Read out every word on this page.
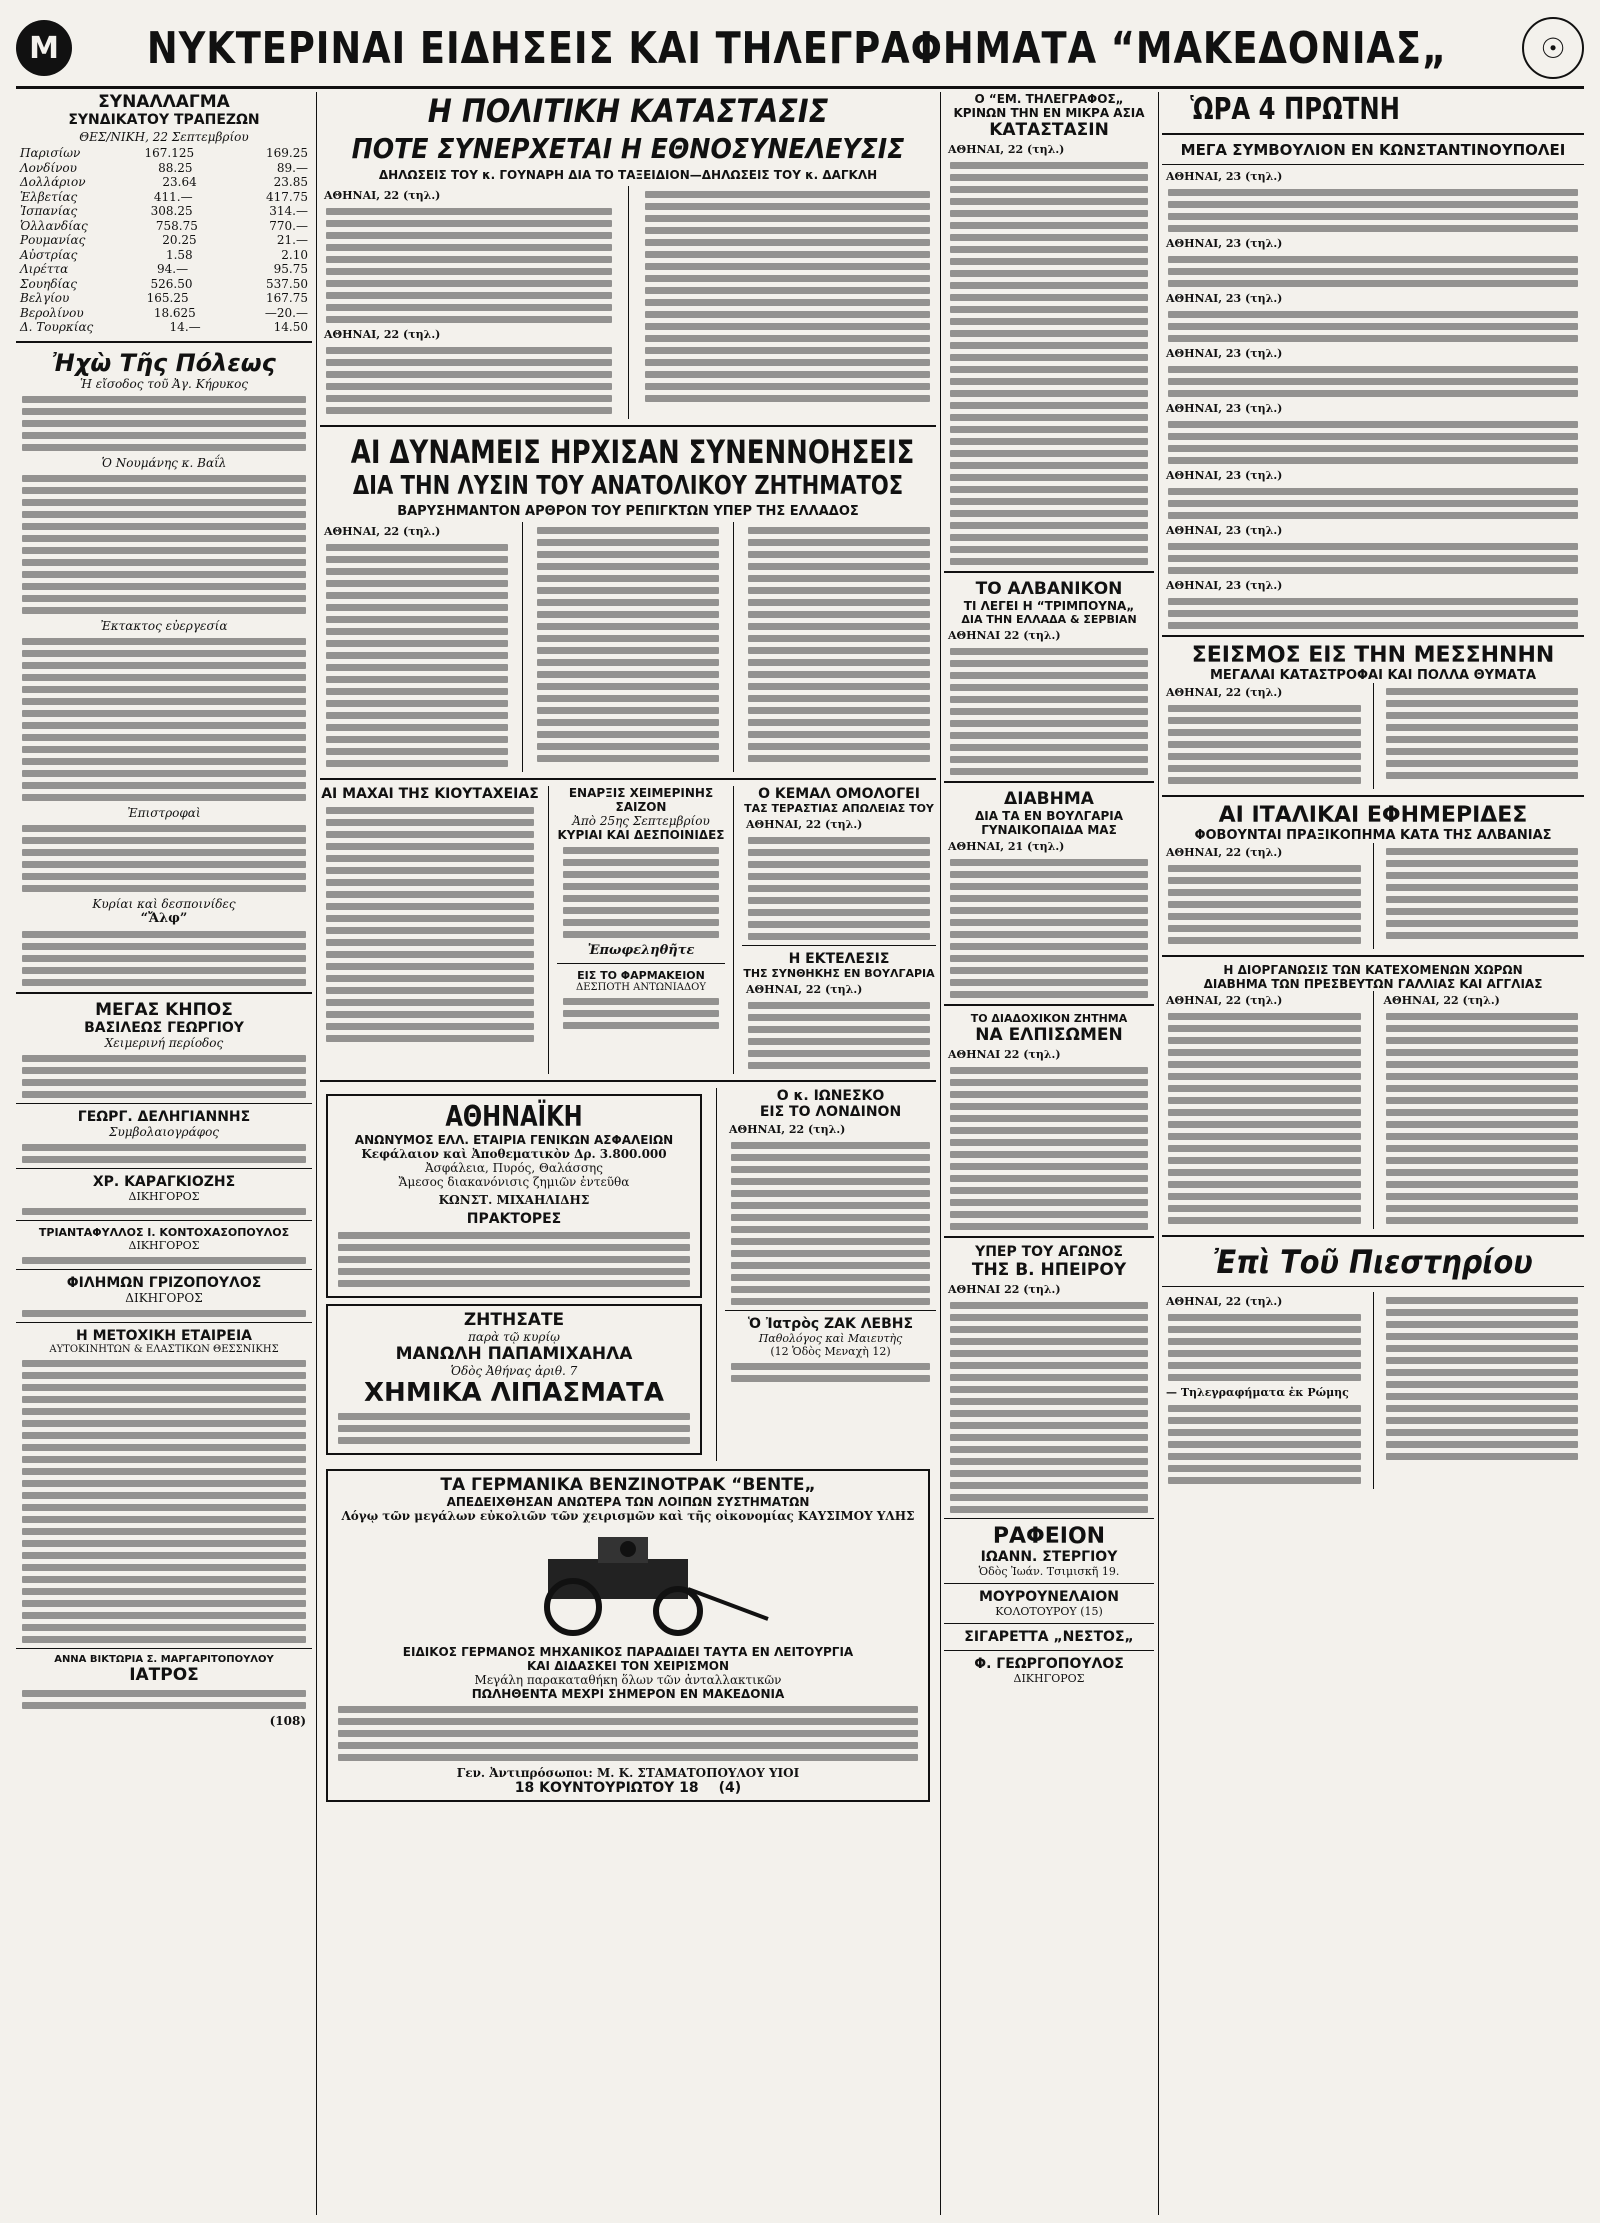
Μ ΝΥΚΤΕΡΙΝΑΙ ΕΙΔΗΣΕΙΣ ΚΑΙ ΤΗΛΕΓΡΑΦΗΜΑΤΑ “ΜΑΚΕΔΟΝΙΑΣ„	☉
ΣΥΝΑΛΛΑΓΜΑ
ΣΥΝΔΙΚΑΤΟΥ ΤΡΑΠΕΖΩΝ
ΘΕΣ/ΝΙΚΗ, 22 Σεπτεμβρίου
Παρισίων	167.125	169.25
Λονδίνου	88.25	89.—
Δολλάριον	23.64	23.85
Ἑλβετίας	411.—	417.75
Ἰσπανίας	308.25	314.—
Ὁλλανδίας	758.75	770.—
Ρουμανίας	20.25	21.—
Αὐστρίας	1.58	2.10
Λιρέττα	94.—	95.75
Σουηδίας	526.50	537.50
Βελγίου	165.25	167.75
Βερολίνου	18.625	—20.—
Δ. Τουρκίας	14.—	14.50
Ἠχὼ Τῆς Πόλεως
Ἡ εἴσοδος τοῦ Ἀγ. Κήρυκος
Ὁ Νουμάνης κ. Βαΐλ
Ἐκτακτος εὐεργεσία
Ἐπιστροφαὶ
Κυρίαι καὶ δεσποινίδες
“Ἄλφ”
ΜΕΓΑΣ ΚΗΠΟΣ
ΒΑΣΙΛΕΩΣ ΓΕΩΡΓΙΟΥ
Χειμερινή περίοδος
ΓΕΩΡΓ. ΔΕΛΗΓΙΑΝΝΗΣ
Συμβολαιογράφος
ΧΡ. ΚΑΡΑΓΚΙΟΖΗΣ
ΔΙΚΗΓΟΡΟΣ
ΤΡΙΑΝΤΑΦΥΛΛΟΣ Ι. ΚΟΝΤΟΧΑΣΟΠΟΥΛΟΣ
ΔΙΚΗΓΟΡΟΣ
ΦΙΛΗΜΩΝ ΓΡΙΖΟΠΟΥΛΟΣ
ΔΙΚΗΓΟΡΟΣ
Η ΜΕΤΟΧΙΚΗ ΕΤΑΙΡΕΙΑ
ΑΥΤΟΚΙΝΗΤΩΝ & ΕΛΑΣΤΙΚΩΝ ΘΕΣΣΝΙΚΗΣ
ΑΝΝΑ ΒΙΚΤΩΡΙΑ Σ. ΜΑΡΓΑΡΙΤΟΠΟΥΛΟΥ
ΙΑΤΡΟΣ
(108)
Η ΠΟΛΙΤΙΚΗ ΚΑΤΑΣΤΑΣΙΣ
ΠΟΤΕ ΣΥΝΕΡΧΕΤΑΙ Η ΕΘΝΟΣΥΝΕΛΕΥΣΙΣ
ΔΗΛΩΣΕΙΣ ΤΟΥ κ. ΓΟΥΝΑΡΗ ΔΙΑ ΤΟ ΤΑΞΕΙΔΙΟΝ—ΔΗΛΩΣΕΙΣ ΤΟΥ κ. ΔΑΓΚΛΗ
ΑΘΗΝΑΙ, 22 (τηλ.)
ΑΘΗΝΑΙ, 22 (τηλ.)
ΑΙ ΔΥΝΑΜΕΙΣ ΗΡΧΙΣΑΝ ΣΥΝΕΝΝΟΗΣΕΙΣ
ΔΙΑ ΤΗΝ ΛΥΣΙΝ ΤΟΥ ΑΝΑΤΟΛΙΚΟΥ ΖΗΤΗΜΑΤΟΣ
ΒΑΡΥΣΗΜΑΝΤΟΝ ΑΡΘΡΟΝ ΤΟΥ ΡΕΠΙΓΚΤΩΝ ΥΠΕΡ ΤΗΣ ΕΛΛΑΔΟΣ
ΑΘΗΝΑΙ, 22 (τηλ.)
ΑΙ ΜΑΧΑΙ ΤΗΣ ΚΙΟΥΤΑΧΕΙΑΣ	ΕΝΑΡΞΙΣ ΧΕΙΜΕΡΙΝΗΣ ΣΑΙΖΟΝ
Ἀπὸ 25ης Σεπτεμβρίου
ΚΥΡΙΑΙ ΚΑΙ ΔΕΣΠΟΙΝΙΔΕΣ
Ἐπωφεληθῆτε
ΕΙΣ ΤΟ ΦΑΡΜΑΚΕΙΟΝ
ΔΕΣΠΟΤΗ ΑΝΤΩΝΙΑΔΟΥ
Ο ΚΕΜΑΛ ΟΜΟΛΟΓΕΙ
ΤΑΣ ΤΕΡΑΣΤΙΑΣ ΑΠΩΛΕΙΑΣ ΤΟΥ
ΑΘΗΝΑΙ, 22 (τηλ.)
Η ΕΚΤΕΛΕΣΙΣ
ΤΗΣ ΣΥΝΘΗΚΗΣ ΕΝ ΒΟΥΛΓΑΡΙΑ
ΑΘΗΝΑΙ, 22 (τηλ.)
ΑΘΗΝΑΪΚΗ
ΑΝΩΝΥΜΟΣ ΕΛΛ. ΕΤΑΙΡΙΑ ΓΕΝΙΚΩΝ ΑΣΦΑΛΕΙΩΝ
Κεφάλαιον καὶ Ἀποθεματικὸν Δρ. 3.800.000
Ἀσφάλεια, Πυρός, Θαλάσσης
Ἄμεσος διακανόνισις ζημιῶν ἐντεῦθα
ΚΩΝΣΤ. ΜΙΧΑΗΛΙΔΗΣ
ΠΡΑΚΤΟΡΕΣ
ΖΗΤΗΣΑΤΕ
παρὰ τῷ κυρίῳ
ΜΑΝΩΛΗ ΠΑΠΑΜΙΧΑΗΛΑ
Ὁδὸς Ἀθήνας ἀριθ. 7
ΧΗΜΙΚΑ ΛΙΠΑΣΜΑΤΑ
Ο κ. ΙΩΝΕΣΚΟ
ΕΙΣ ΤΟ ΛΟΝΔΙΝΟΝ
ΑΘΗΝΑΙ, 22 (τηλ.)
Ὁ Ἰατρὸς ΖΑΚ ΛΕΒΗΣ
Παθολόγος καὶ Μαιευτὴς
(12 Ὁδὸς Μεναχὴ 12)
ΤΑ ΓΕΡΜΑΝΙΚΑ ΒΕΝΖΙΝΟΤΡΑΚ “ΒΕΝΤΕ„
ΑΠΕΔΕΙΧΘΗΣΑΝ ΑΝΩΤΕΡΑ ΤΩΝ ΛΟΙΠΩΝ ΣΥΣΤΗΜΑΤΩΝ
Λόγῳ τῶν μεγάλων εὐκολιῶν τῶν χειρισμῶν καὶ τῆς οἰκονομίας ΚΑΥΣΙΜΟΥ ΥΛΗΣ
ΕΙΔΙΚΟΣ ΓΕΡΜΑΝΟΣ ΜΗΧΑΝΙΚΟΣ ΠΑΡΑΔΙΔΕΙ ΤΑΥΤΑ ΕΝ ΛΕΙΤΟΥΡΓΙΑ
ΚΑΙ ΔΙΔΑΣΚΕΙ ΤΟΝ ΧΕΙΡΙΣΜΟΝ
Μεγάλη παρακαταθήκη ὅλων τῶν ἀνταλλακτικῶν
ΠΩΛΗΘΕΝΤΑ ΜΕΧΡΙ ΣΗΜΕΡΟΝ ΕΝ ΜΑΚΕΔΟΝΙΑ
Γεν. Ἀντιπρόσωποι: Μ. Κ. ΣΤΑΜΑΤΟΠΟΥΛΟΥ ΥΙΟΙ
18 ΚΟΥΝΤΟΥΡΙΩΤΟΥ 18 (4)
Ο “ΕΜ. ΤΗΛΕΓΡΑΦΟΣ„
ΚΡΙΝΩΝ ΤΗΝ ΕΝ ΜΙΚΡΑ ΑΣΙΑ
ΚΑΤΑΣΤΑΣΙΝ
ΑΘΗΝΑΙ, 22 (τηλ.)
ΤΟ ΑΛΒΑΝΙΚΟΝ
ΤΙ ΛΕΓΕΙ Η “ΤΡΙΜΠΟΥΝΑ„
ΔΙΑ ΤΗΝ ΕΛΛΑΔΑ & ΣΕΡΒΙΑΝ
ΑΘΗΝΑΙ 22 (τηλ.)
ΔΙΑΒΗΜΑ
ΔΙΑ ΤΑ ΕΝ ΒΟΥΛΓΑΡΙΑ
ΓΥΝΑΙΚΟΠΑΙΔΑ ΜΑΣ
ΑΘΗΝΑΙ, 21 (τηλ.)
ΤΟ ΔΙΑΔΟΧΙΚΟΝ ΖΗΤΗΜΑ
ΝΑ ΕΛΠΙΣΩΜΕΝ
ΑΘΗΝΑΙ 22 (τηλ.)
ΥΠΕΡ ΤΟΥ ΑΓΩΝΟΣ
ΤΗΣ Β. ΗΠΕΙΡΟΥ
ΑΘΗΝΑΙ 22 (τηλ.)
ΡΑΦΕΙΟΝ
ΙΩΑΝΝ. ΣΤΕΡΓΙΟΥ
Ὁδὸς Ἰωάν. Τσιμισκῆ 19.
ΜΟΥΡΟΥΝΕΛΑΙΟΝ
ΚΟΛΟΤΟΥΡΟΥ (15)
ΣΙΓΑΡΕΤΤΑ „ΝΕΣΤΟΣ„
Φ. ΓΕΩΡΓΟΠΟΥΛΟΣ
ΔΙΚΗΓΟΡΟΣ
ὩΡΑ 4 ΠΡΩΤΝΗ
ΜΕΓΑ ΣΥΜΒΟΥΛΙΟΝ ΕΝ ΚΩΝΣΤΑΝΤΙΝΟΥΠΟΛΕΙ
ΑΘΗΝΑΙ, 23 (τηλ.)
ΑΘΗΝΑΙ, 23 (τηλ.)
ΑΘΗΝΑΙ, 23 (τηλ.)
ΑΘΗΝΑΙ, 23 (τηλ.)
ΑΘΗΝΑΙ, 23 (τηλ.)
ΑΘΗΝΑΙ, 23 (τηλ.)
ΑΘΗΝΑΙ, 23 (τηλ.)
ΑΘΗΝΑΙ, 23 (τηλ.)
ΣΕΙΣΜΟΣ ΕΙΣ ΤΗΝ ΜΕΣΣΗΝΗΝ
ΜΕΓΑΛΑΙ ΚΑΤΑΣΤΡΟΦΑΙ ΚΑΙ ΠΟΛΛΑ ΘΥΜΑΤΑ
ΑΘΗΝΑΙ, 22 (τηλ.)
ΑΙ ΙΤΑΛΙΚΑΙ ΕΦΗΜΕΡΙΔΕΣ
ΦΟΒΟΥΝΤΑΙ ΠΡΑΞΙΚΟΠΗΜΑ ΚΑΤΑ ΤΗΣ ΑΛΒΑΝΙΑΣ
ΑΘΗΝΑΙ, 22 (τηλ.)
Η ΔΙΟΡΓΑΝΩΣΙΣ ΤΩΝ ΚΑΤΕΧΟΜΕΝΩΝ ΧΩΡΩΝ
ΔΙΑΒΗΜΑ ΤΩΝ ΠΡΕΣΒΕΥΤΩΝ ΓΑΛΛΙΑΣ ΚΑΙ ΑΓΓΛΙΑΣ
ΑΘΗΝΑΙ, 22 (τηλ.)	ΑΘΗΝΑΙ, 22 (τηλ.)
Ἐπὶ Τοῦ Πιεστηρίου
ΑΘΗΝΑΙ, 22 (τηλ.)
— Τηλεγραφήματα ἐκ Ρώμης
